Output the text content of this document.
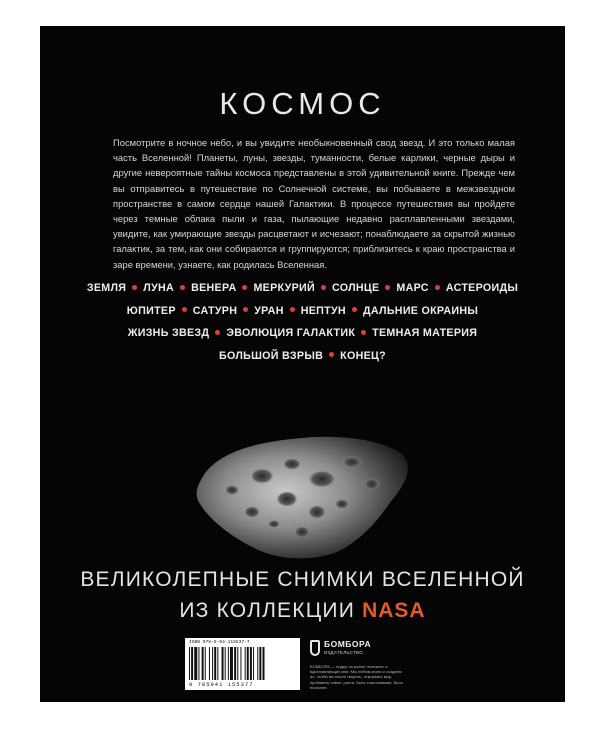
КОСМОС

Посмотрите в ночное небо, и вы увидите необыкновенный свод звезд. И это только малая часть Вселенной! Планеты, луны, звезды, туманности, белые карлики, черные дыры и другие невероятные тайны космоса представлены в этой удивительной книге. Прежде чем вы отправитесь в путешествие по Солнечной системе, вы побываете в межзвездном пространстве в самом сердце нашей Галактики. В процессе путешествия вы пройдете через темные облака пыли и газа, пылающие недавно расплавленными звездами, увидите, как умирающие звезды расцветают и исчезают; понаблюдаете за скрытой жизнью галактик, за тем, как они собираются и группируются; приблизитесь к краю пространства и заре времени, узнаете, как родилась Вселенная.

ЗЕМЛЯ ЛУНА ВЕНЕРА МЕРКУРИЙ СОЛНЦЕ МАРС АСТЕРОИДЫ
ЮПИТЕР САТУРН УРАН НЕПТУН ДАЛЬНИЕ ОКРАИНЫ
ЖИЗНЬ ЗВЕЗД ЭВОЛЮЦИЯ ГАЛАКТИК ТЕМНАЯ МАТЕРИЯ
БОЛЬШОЙ ВЗРЫВ КОНЕЦ?
ВЕЛИКОЛЕПНЫЕ СНИМКИ ВСЕЛЕННОЙ
ИЗ КОЛЛЕКЦИИ NASA
ISBN 978-5-04-115537-7
9 785041 155377
БОМБОРА
ИЗДАТЕЛЬСТВО
БОМБОРА — лидер на рынке полезных и вдохновляющих книг. Мы любим книги и создаем их, чтобы вы могли творить, открывать мир, пробовать новое, расти. Быть счастливыми. Быть на волне.
